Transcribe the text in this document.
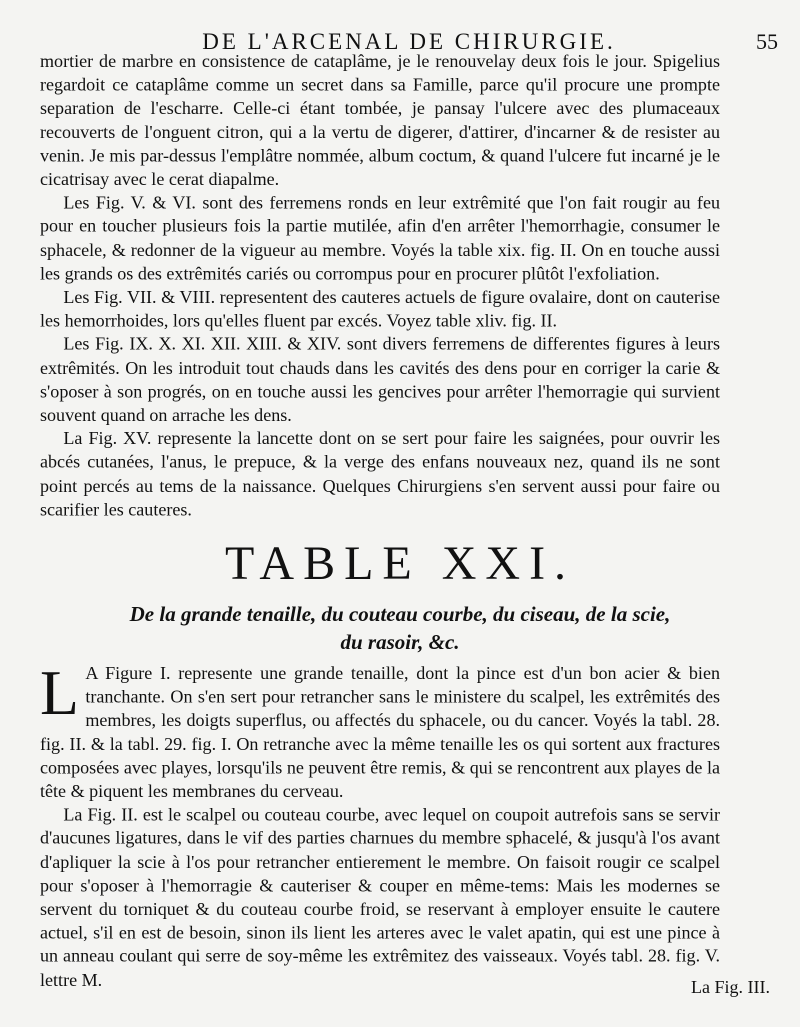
DE L'ARCENAL DE CHIRURGIE.	55

mortier de marbre en consistence de cataplâme, je le renouvelay deux fois le jour. Spigelius regardoit ce cataplâme comme un secret dans sa Famille, parce qu'il procure une prompte separation de l'escharre. Celle-ci étant tombée, je pansay l'ulcere avec des plumaceaux recouverts de l'onguent citron, qui a la vertu de digerer, d'attirer, d'incarner & de resister au venin. Je mis par-dessus l'emplâtre nommée, album coctum, & quand l'ulcere fut incarné je le cicatrisay avec le cerat diapalme.

Les Fig. V. & VI. sont des ferremens ronds en leur extrêmité que l'on fait rougir au feu pour en toucher plusieurs fois la partie mutilée, afin d'en arrêter l'hemorrhagie, consumer le sphacele, & redonner de la vigueur au membre. Voyés la table xix. fig. II. On en touche aussi les grands os des extrêmités cariés ou corrompus pour en procurer plûtôt l'exfoliation.

Les Fig. VII. & VIII. representent des cauteres actuels de figure ovalaire, dont on cauterise les hemorrhoides, lors qu'elles fluent par excés. Voyez table xliv. fig. II.

Les Fig. IX. X. XI. XII. XIII. & XIV. sont divers ferremens de differentes figures à leurs extrêmités. On les introduit tout chauds dans les cavités des dens pour en corriger la carie & s'oposer à son progrés, on en touche aussi les gencives pour arrêter l'hemorragie qui survient souvent quand on arrache les dens.

La Fig. XV. represente la lancette dont on se sert pour faire les saignées, pour ouvrir les abcés cutanées, l'anus, le prepuce, & la verge des enfans nouveaux nez, quand ils ne sont point percés au tems de la naissance. Quelques Chirurgiens s'en servent aussi pour faire ou scarifier les cauteres.

TABLE XXI.
De la grande tenaille, du couteau courbe, du ciseau, de la scie,
du rasoir, &c.

L A Figure I. represente une grande tenaille, dont la pince est d'un bon acier & bien tranchante. On s'en sert pour retrancher sans le ministere du scalpel, les extrêmités des membres, les doigts superflus, ou affectés du sphacele, ou du cancer. Voyés la tabl. 28. fig. II. & la tabl. 29. fig. I. On retranche avec la même tenaille les os qui sortent aux fractures composées avec playes, lorsqu'ils ne peuvent être remis, & qui se rencontrent aux playes de la tête & piquent les membranes du cerveau.

La Fig. II. est le scalpel ou couteau courbe, avec lequel on coupoit autrefois sans se servir d'aucunes ligatures, dans le vif des parties charnues du membre sphacelé, & jusqu'à l'os avant d'apliquer la scie à l'os pour retrancher entierement le membre. On faisoit rougir ce scalpel pour s'oposer à l'hemorragie & cauteriser & couper en même-tems: Mais les modernes se servent du torniquet & du couteau courbe froid, se reservant à employer ensuite le cautere actuel, s'il en est de besoin, sinon ils lient les arteres avec le valet apatin, qui est une pince à un anneau coulant qui serre de soy-même les extrêmitez des vaisseaux. Voyés tabl. 28. fig. V. lettre M.	La Fig. III.
